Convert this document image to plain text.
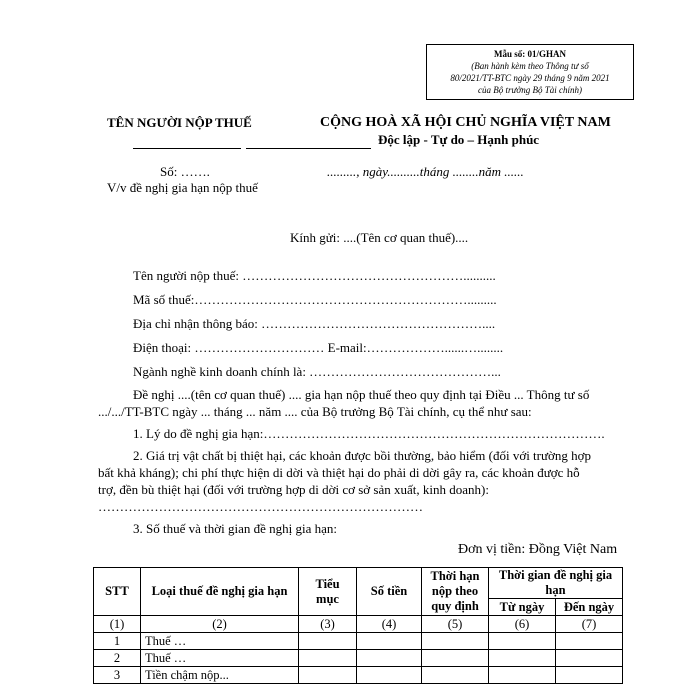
Mẫu số: 01/GHAN
(Ban hành kèm theo Thông tư số
80/2021/TT-BTC ngày 29 tháng 9 năm 2021
của Bộ trưởng Bộ Tài chính)
TÊN NGƯỜI NỘP THUẾ	CỘNG HOÀ XÃ HỘI CHỦ NGHĨA VIỆT NAM
Độc lập - Tự do – Hạnh phúc
Số: …….	........., ngày..........tháng ........năm ......
V/v đề nghị gia hạn nộp thuế
Kính gửi: ....(Tên cơ quan thuế)....
Tên người nộp thuế: ……………………………………………..........
Mã số thuế:……………………………………………………….........
Địa chỉ nhận thông báo: ……………………………………………....
Điện thoại: ………………………… E-mail:………………......…........
Ngành nghề kinh doanh chính là: ……………………………………...
Đề nghị ....(tên cơ quan thuế) .... gia hạn nộp thuế theo quy định tại Điều ... Thông tư số
.../.../TT-BTC ngày ... tháng ... năm .... của Bộ trưởng Bộ Tài chính, cụ thể như sau:
1. Lý do đề nghị gia hạn:…………………………………………………………………….
2. Giá trị vật chất bị thiệt hại, các khoản được bồi thường, bảo hiểm (đối với trường hợp
bất khả kháng); chi phí thực hiện di dời và thiệt hại do phải di dời gây ra, các khoản được hỗ
trợ, đền bù thiệt hại (đối với trường hợp di dời cơ sở sản xuất, kinh doanh):
…………………………………………………………………
3. Số thuế và thời gian đề nghị gia hạn:
Đơn vị tiền: Đồng Việt Nam
STT	Loại thuế đề nghị gia hạn	Tiểu mục	Số tiền	Thời hạn nộp theo quy định	Thời gian đề nghị gia hạn	
					Từ ngày	Đến ngày
(1)	(2)	(3)	(4)	(5)	(6)	(7)
1	Thuế …					
2	Thuế …					
3	Tiền chậm nộp...					
